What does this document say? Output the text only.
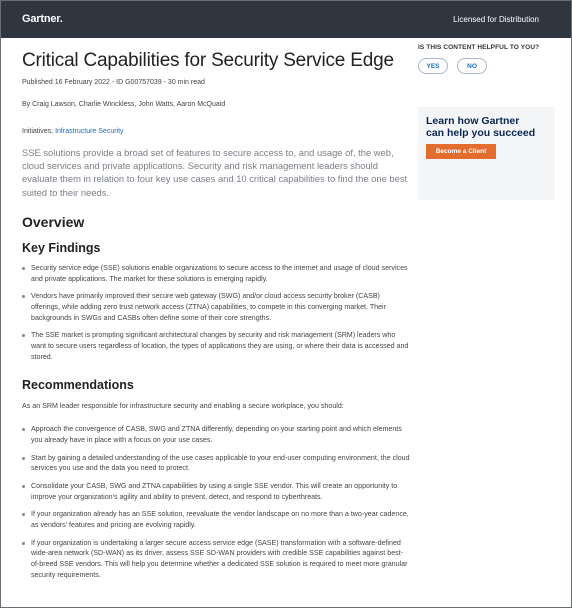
Gartner.	Licensed for Distribution
Critical Capabilities for Security Service Edge
Published 16 February 2022 - ID G00757039 - 30 min read
By Craig Lawson, Charlie Winckless, John Watts, Aaron McQuaid
Initiatives: Infrastructure Security

SSE solutions provide a broad set of features to secure access to, and usage of, the web, cloud services and private applications. Security and risk management leaders should evaluate them in relation to four key use cases and 10 critical capabilities to find the one best suited to their needs.

Overview
Key Findings
Security service edge (SSE) solutions enable organizations to secure access to the internet and usage of cloud services and private applications. The market for these solutions is emerging rapidly.
Vendors have primarily improved their secure web gateway (SWG) and/or cloud access security broker (CASB) offerings, while adding zero trust network access (ZTNA) capabilities, to compete in this converging market. Their backgrounds in SWGs and CASBs often define some of their core strengths.
The SSE market is prompting significant architectural changes by security and risk management (SRM) leaders who want to secure users regardless of location, the types of applications they are using, or where their data is accessed and stored.
Recommendations

As an SRM leader responsible for infrastructure security and enabling a secure workplace, you should:

Approach the convergence of CASB, SWG and ZTNA differently, depending on your starting point and which elements you already have in place with a focus on your use cases.
Start by gaining a detailed understanding of the use cases applicable to your end-user computing environment, the cloud services you use and the data you need to protect.
Consolidate your CASB, SWG and ZTNA capabilities by using a single SSE vendor. This will create an opportunity to improve your organization's agility and ability to prevent, detect, and respond to cyberthreats.
If your organization already has an SSE solution, reevaluate the vendor landscape on no more than a two-year cadence, as vendors' features and pricing are evolving rapidly.
If your organization is undertaking a larger secure access service edge (SASE) transformation with a software-defined wide-area network (SD-WAN) as its driver, assess SSE SD-WAN providers with credible SSE capabilities against best-of-breed SSE vendors. This will help you determine whether a dedicated SSE solution is required to meet more granular security requirements.
IS THIS CONTENT HELPFUL TO YOU?
YES	NO
Learn how Gartner
can help you succeed
Become a Client
